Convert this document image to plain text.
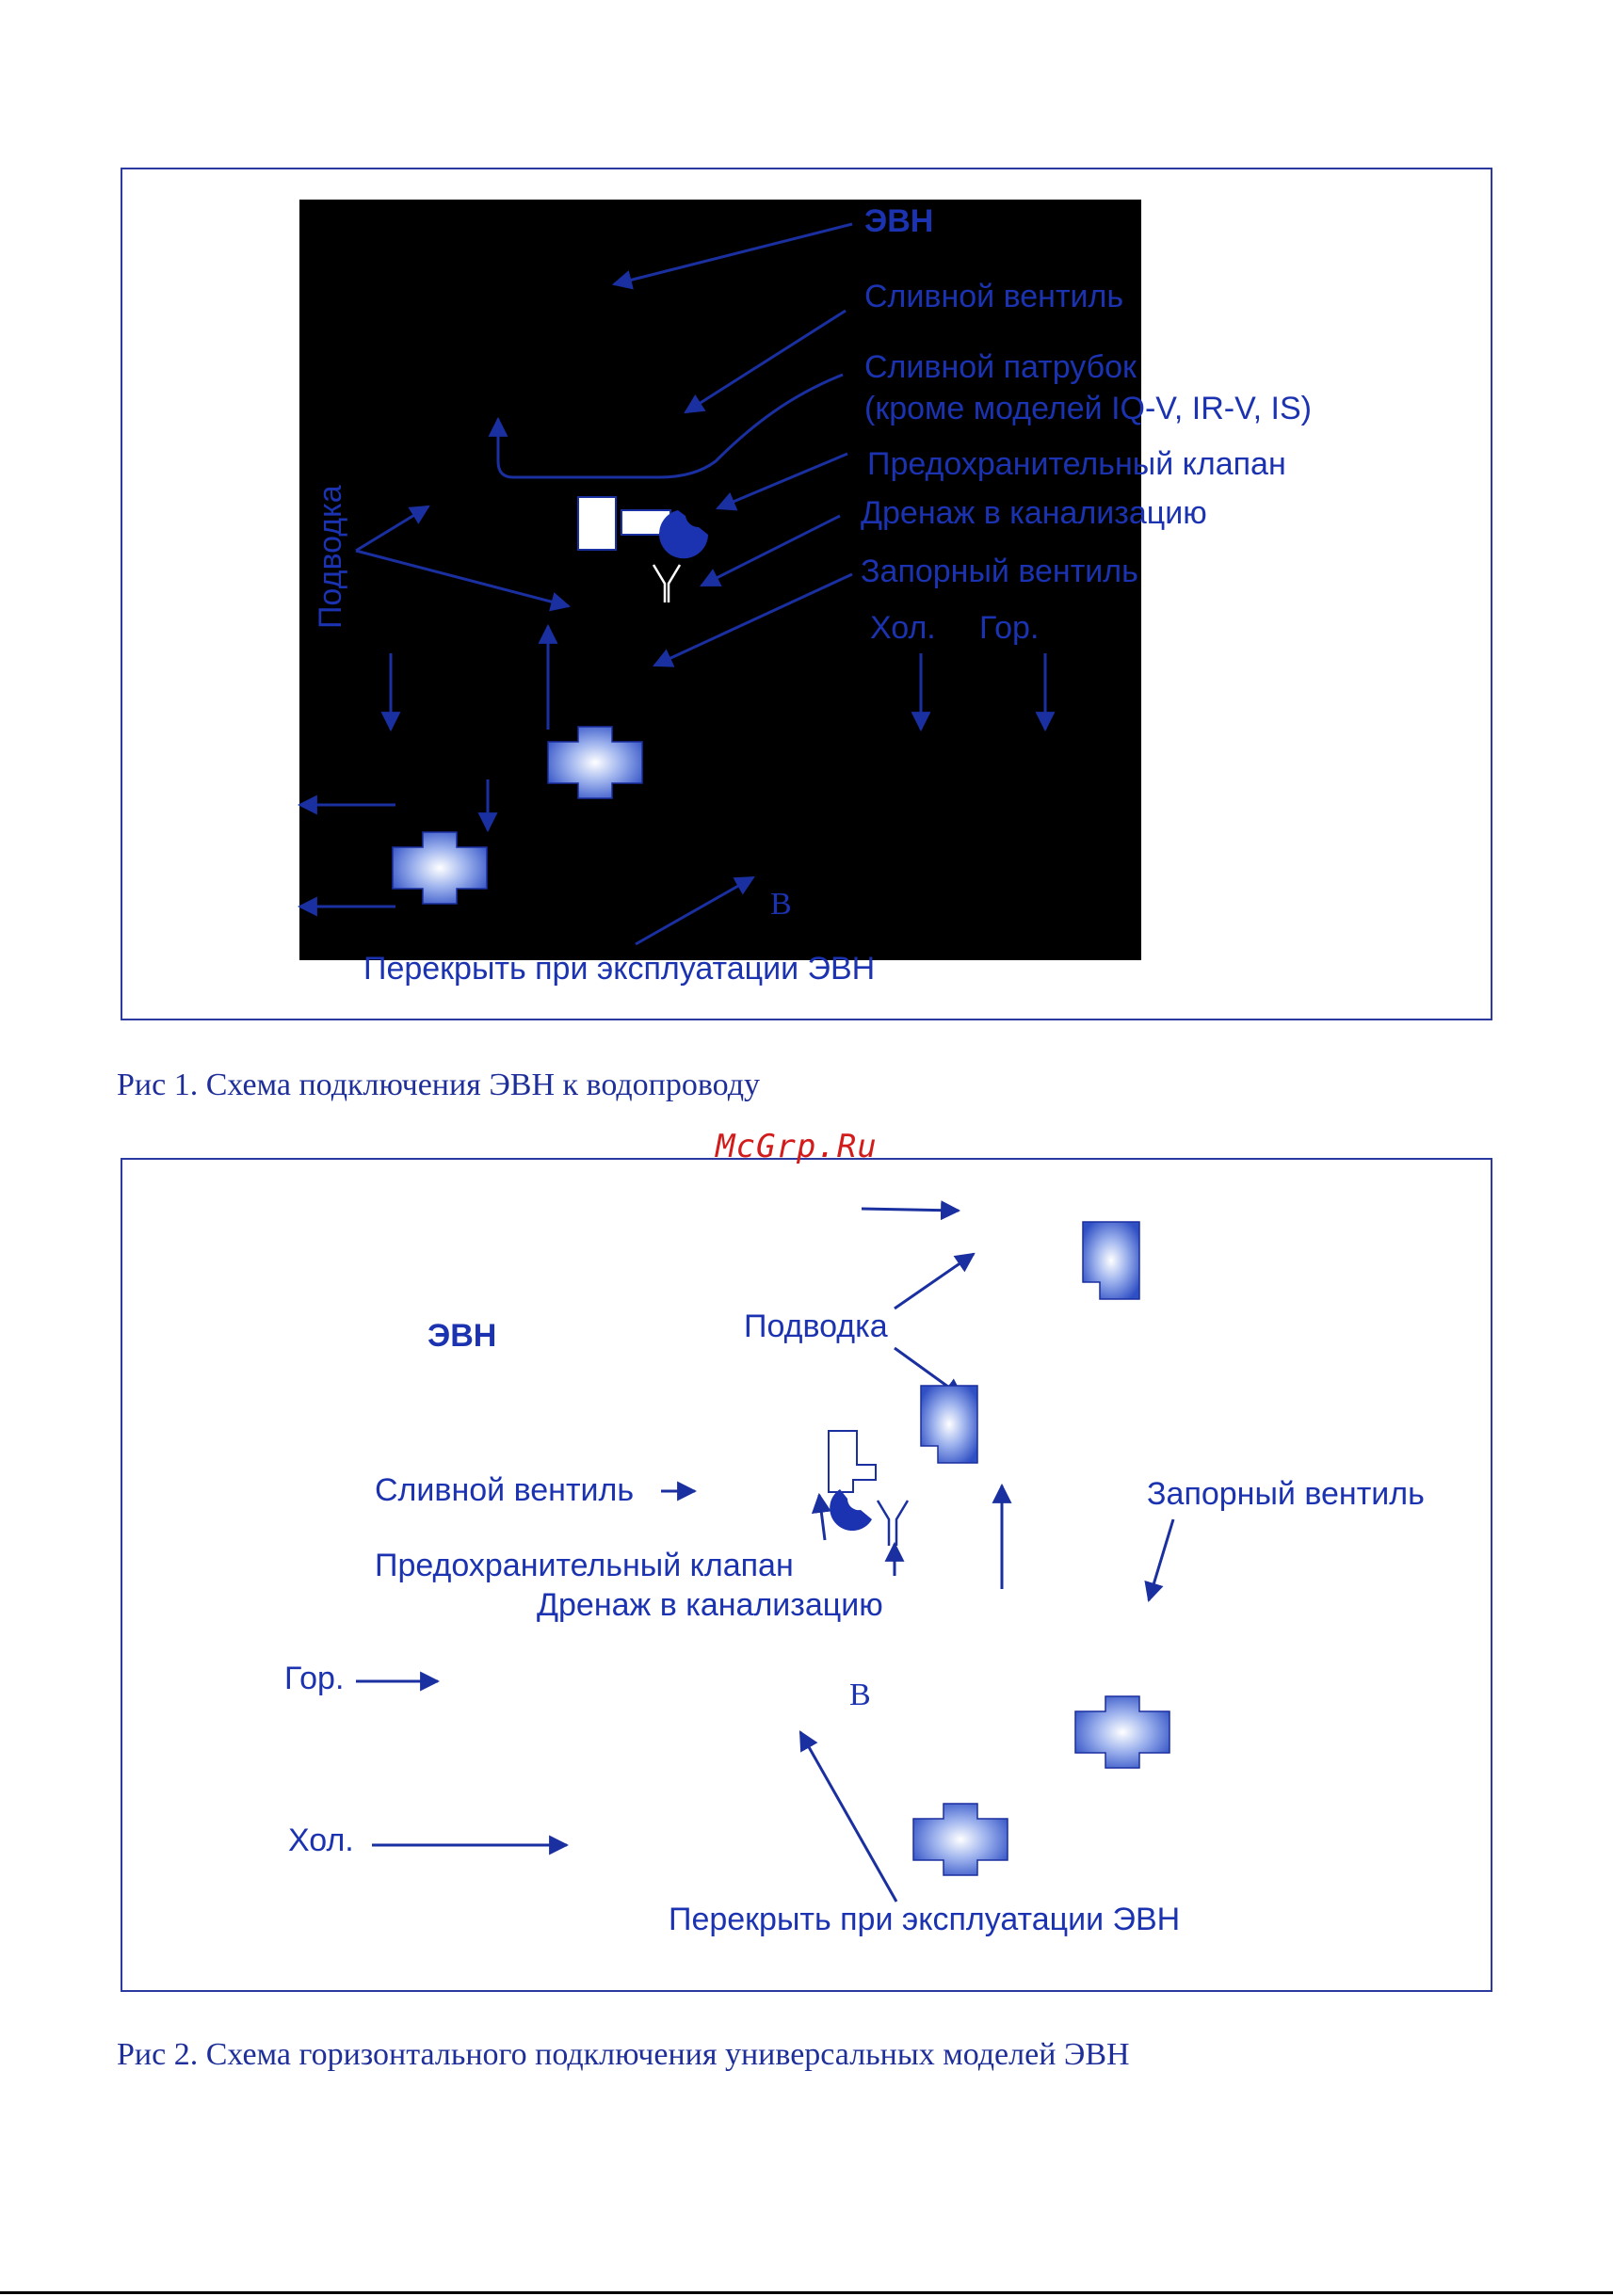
ЭВН
Сливной вентиль
Сливной патрубок
(кроме моделей IQ-V, IR-V, IS)
Предохранительный клапан
Дренаж в канализацию
Запорный вентиль
Хол. Гор.
Подводка
В
Перекрыть при эксплуатации ЭВН
Рис 1. Схема подключения ЭВН к водопроводу
McGrp.Ru
ЭВН	Подводка
Сливной вентиль
Предохранительный клапан
Дренаж в канализацию
Запорный вентиль
Гор.
Хол.
В
Перекрыть при эксплуатации ЭВН
Рис 2. Схема горизонтального подключения универсальных моделей ЭВН
